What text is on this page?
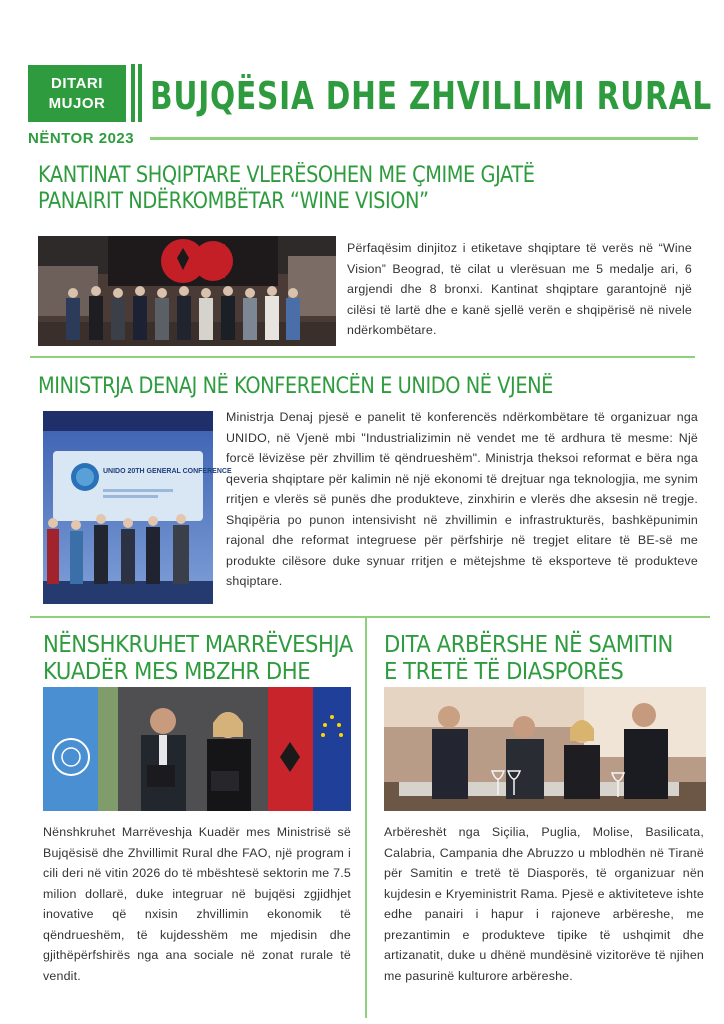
DITARI
MUJOR	BUJQËSIA DHE ZHVILLIMI RURAL
NËNTOR 2023
KANTINAT SHQIPTARE VLERËSOHEN ME ÇMIME GJATË PANAIRIT NDËRKOMBËTAR “WINE VISION”
Përfaqësim dinjitoz i etiketave shqiptare të verës në “Wine Vision” Beograd, të cilat u vlerësuan me 5 medalje ari, 6 argjendi dhe 8 bronxi. Kantinat shqiptare garantojnë një cilësi të lartë dhe e kanë sjellë verën e shqipërisë në nivele ndërkombëtare.
MINISTRJA DENAJ NË KONFERENCËN E UNIDO NË VJENË
UNIDO 20TH GENERAL CONFERENCE
Ministrja Denaj pjesë e panelit të konferencës ndërkombëtare të organizuar nga UNIDO, në Vjenë mbi "Industrializimin në vendet me të ardhura të mesme: Një forcë lëvizëse për zhvillim të qëndrueshëm". Ministrja theksoi reformat e bëra nga qeveria shqiptare për kalimin në një ekonomi të drejtuar nga teknologjia, me synim rritjen e vlerës së punës dhe produkteve, zinxhirin e vlerës dhe aksesin në tregje. Shqipëria po punon intensivisht në zhvillimin e infrastrukturës, bashkëpunimin rajonal dhe reformat integruese për përfshirje në tregjet elitare të BE-së me produkte cilësore duke synuar rritjen e mëtejshme të eksporteve të produkteve shqiptare.
NËNSHKRUHET MARRËVESHJA KUADËR MES MBZHR DHE
Nënshkruhet Marrëveshja Kuadër mes Ministrisë së Bujqësisë dhe Zhvillimit Rural dhe FAO, një program i cili deri në vitin 2026 do të mbështesë sektorin me 7.5 milion dollarë, duke integruar në bujqësi zgjidhjet inovative që nxisin zhvillimin ekonomik të qëndrueshëm, të kujdesshëm me mjedisin dhe gjithëpërfshirës nga ana sociale në zonat rurale të vendit.
DITA ARBËRSHE NË SAMITIN E TRETË TË DIASPORËS
Arbëreshët nga Siçilia, Puglia, Molise, Basilicata, Calabria, Campania dhe Abruzzo u mblodhën në Tiranë për Samitin e tretë të Diasporës, të organizuar nën kujdesin e Kryeministrit Rama. Pjesë e aktiviteteve ishte edhe panairi i hapur i rajoneve arbëreshe, me prezantimin e produkteve tipike të ushqimit dhe artizanatit, duke u dhënë mundësinë vizitorëve të njihen me pasurinë kulturore arbëreshe.
